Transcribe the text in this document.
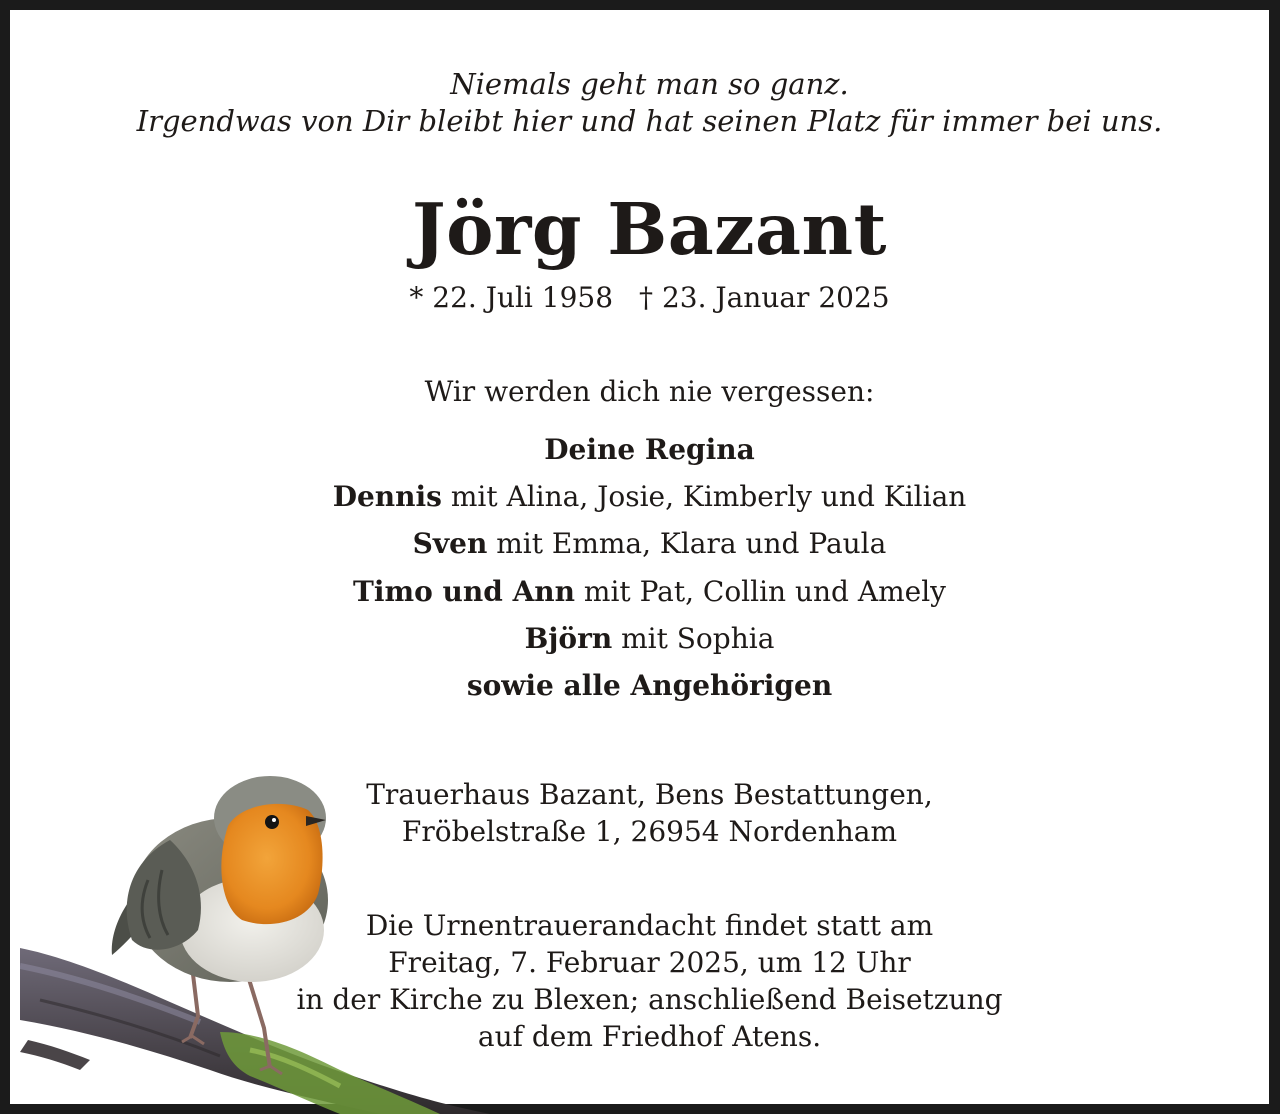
Niemals geht man so ganz.
Irgendwas von Dir bleibt hier und hat seinen Platz für immer bei uns.
Jörg Bazant
* 22. Juli 1958 † 23. Januar 2025
Wir werden dich nie vergessen:
Deine Regina
Dennis mit Alina, Josie, Kimberly und Kilian
Sven mit Emma, Klara und Paula
Timo und Ann mit Pat, Collin und Amely
Björn mit Sophia
sowie alle Angehörigen
Trauerhaus Bazant, Bens Bestattungen,
Fröbelstraße 1, 26954 Nordenham
Die Urnentrauerandacht findet statt am
Freitag, 7. Februar 2025, um 12 Uhr
in der Kirche zu Blexen; anschließend Beisetzung
auf dem Friedhof Atens.
